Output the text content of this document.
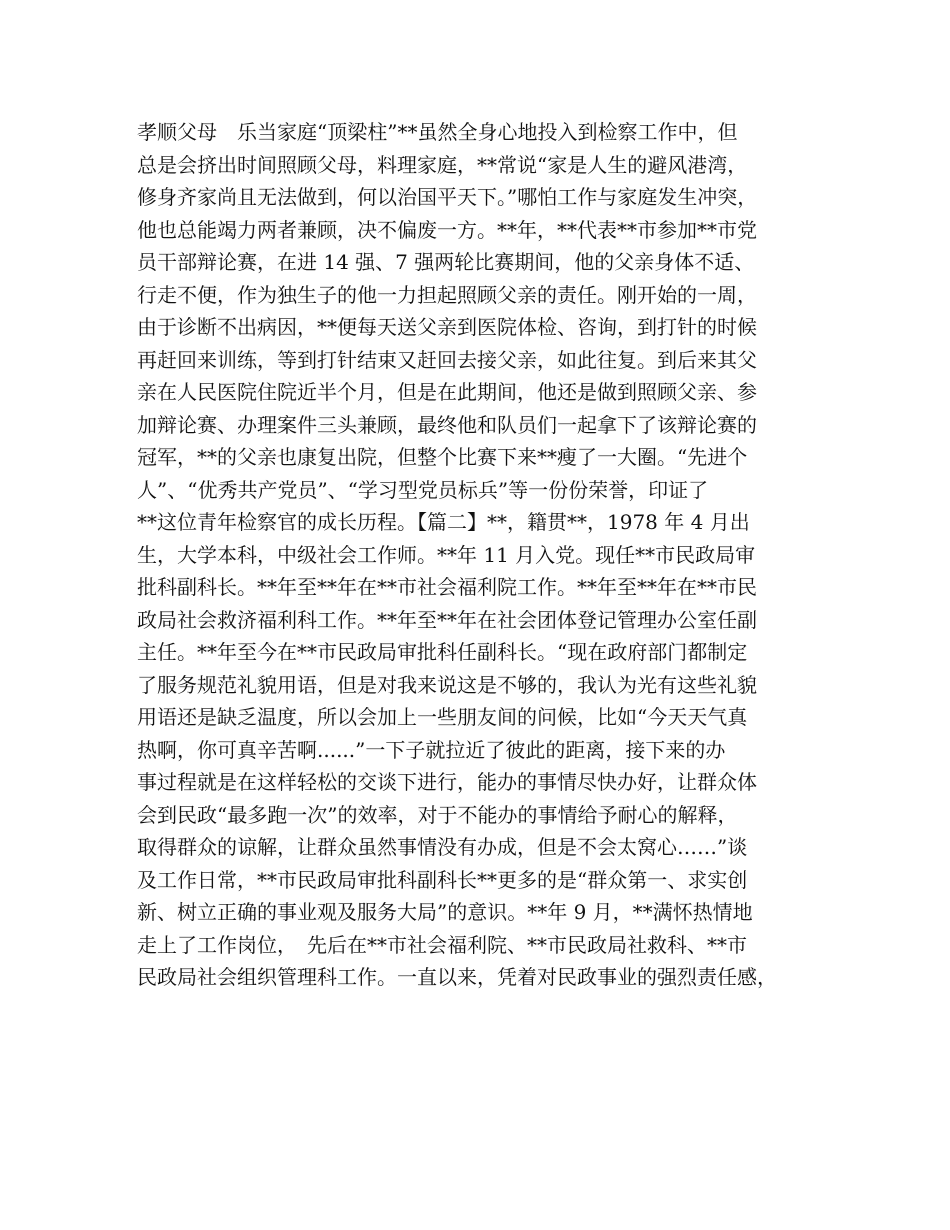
孝顺父母　乐当家庭“顶梁柱”**虽然全身心地投入到检察工作中，但
总是会挤出时间照顾父母，料理家庭，**常说“家是人生的避风港湾，
修身齐家尚且无法做到，何以治国平天下。”哪怕工作与家庭发生冲突，
他也总能竭力两者兼顾，决不偏废一方。**年，**代表**市参加**市党
员干部辩论赛，在进 14 强、7 强两轮比赛期间，他的父亲身体不适、
行走不便，作为独生子的他一力担起照顾父亲的责任。刚开始的一周，
由于诊断不出病因，**便每天送父亲到医院体检、咨询，到打针的时候
再赶回来训练，等到打针结束又赶回去接父亲，如此往复。到后来其父
亲在人民医院住院近半个月，但是在此期间，他还是做到照顾父亲、参
加辩论赛、办理案件三头兼顾，最终他和队员们一起拿下了该辩论赛的
冠军，**的父亲也康复出院，但整个比赛下来**瘦了一大圈。“先进个
人”、“优秀共产党员”、“学习型党员标兵”等一份份荣誉，印证了
**这位青年检察官的成长历程。【篇二】**，籍贯**，1978 年 4 月出
生，大学本科，中级社会工作师。**年 11 月入党。现任**市民政局审
批科副科长。**年至**年在**市社会福利院工作。**年至**年在**市民
政局社会救济福利科工作。**年至**年在社会团体登记管理办公室任副
主任。**年至今在**市民政局审批科任副科长。“现在政府部门都制定
了服务规范礼貌用语，但是对我来说这是不够的，我认为光有这些礼貌
用语还是缺乏温度，所以会加上一些朋友间的问候，比如“今天天气真
热啊，你可真辛苦啊......”一下子就拉近了彼此的距离，接下来的办
事过程就是在这样轻松的交谈下进行，能办的事情尽快办好，让群众体
会到民政“最多跑一次”的效率，对于不能办的事情给予耐心的解释，
取得群众的谅解，让群众虽然事情没有办成，但是不会太窝心……”谈
及工作日常，**市民政局审批科副科长**更多的是“群众第一、求实创
新、树立正确的事业观及服务大局”的意识。**年 9 月，**满怀热情地
走上了工作岗位，　先后在**市社会福利院、**市民政局社救科、**市
民政局社会组织管理科工作。一直以来，凭着对民政事业的强烈责任感，
